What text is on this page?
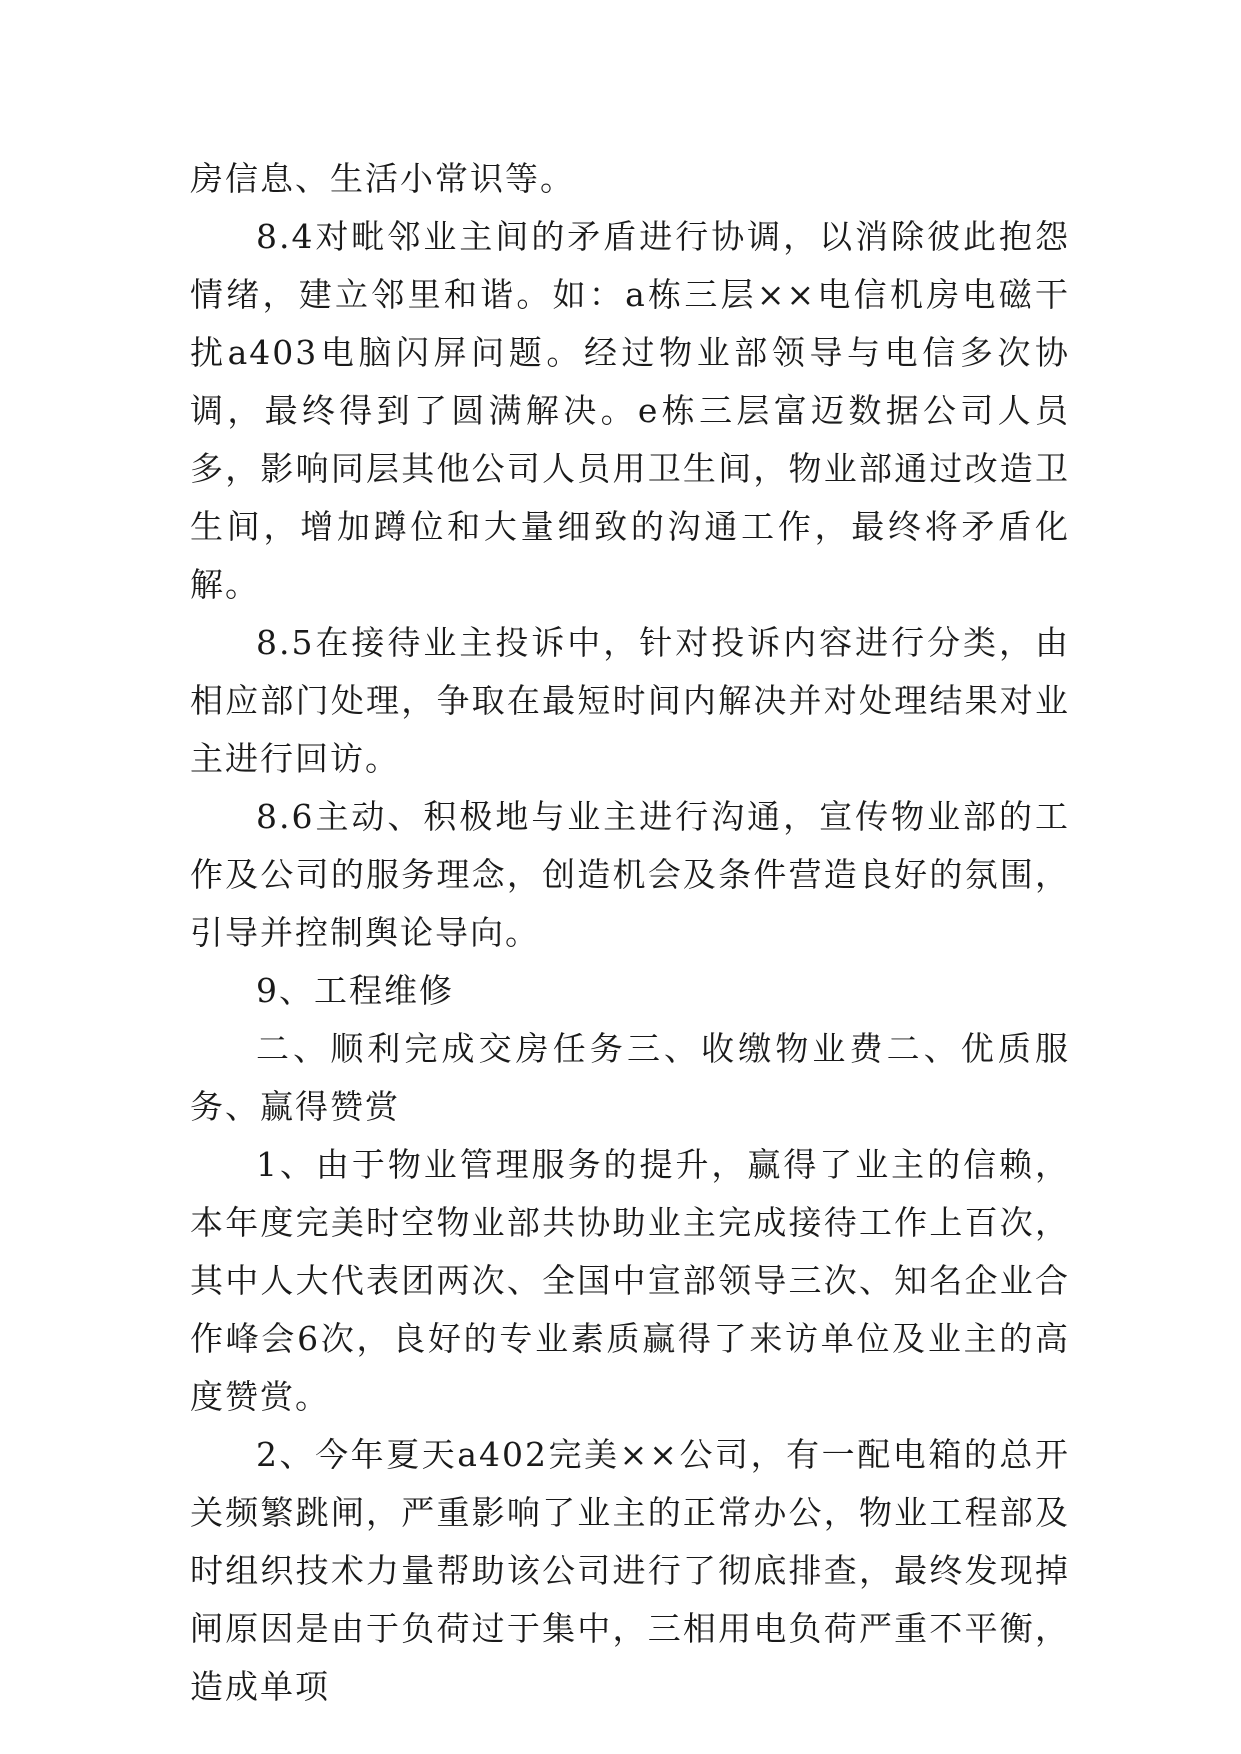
房信息、生活小常识等。

8.4对毗邻业主间的矛盾进行协调，以消除彼此抱怨情绪，建立邻里和谐。如：a栋三层××电信机房电磁干扰a403电脑闪屏问题。经过物业部领导与电信多次协调，最终得到了圆满解决。e栋三层富迈数据公司人员多，影响同层其他公司人员用卫生间，物业部通过改造卫生间，增加蹲位和大量细致的沟通工作，最终将矛盾化解。

8.5在接待业主投诉中，针对投诉内容进行分类，由相应部门处理，争取在最短时间内解决并对处理结果对业主进行回访。

8.6主动、积极地与业主进行沟通，宣传物业部的工作及公司的服务理念，创造机会及条件营造良好的氛围，引导并控制舆论导向。

9、工程维修

二、顺利完成交房任务三、收缴物业费二、优质服务、赢得赞赏

1、由于物业管理服务的提升，赢得了业主的信赖，本年度完美时空物业部共协助业主完成接待工作上百次，其中人大代表团两次、全国中宣部领导三次、知名企业合作峰会6次，良好的专业素质赢得了来访单位及业主的高度赞赏。

2、今年夏天a402完美××公司，有一配电箱的总开关频繁跳闸，严重影响了业主的正常办公，物业工程部及时组织技术力量帮助该公司进行了彻底排查，最终发现掉闸原因是由于负荷过于集中，三相用电负荷严重不平衡，造成单项
